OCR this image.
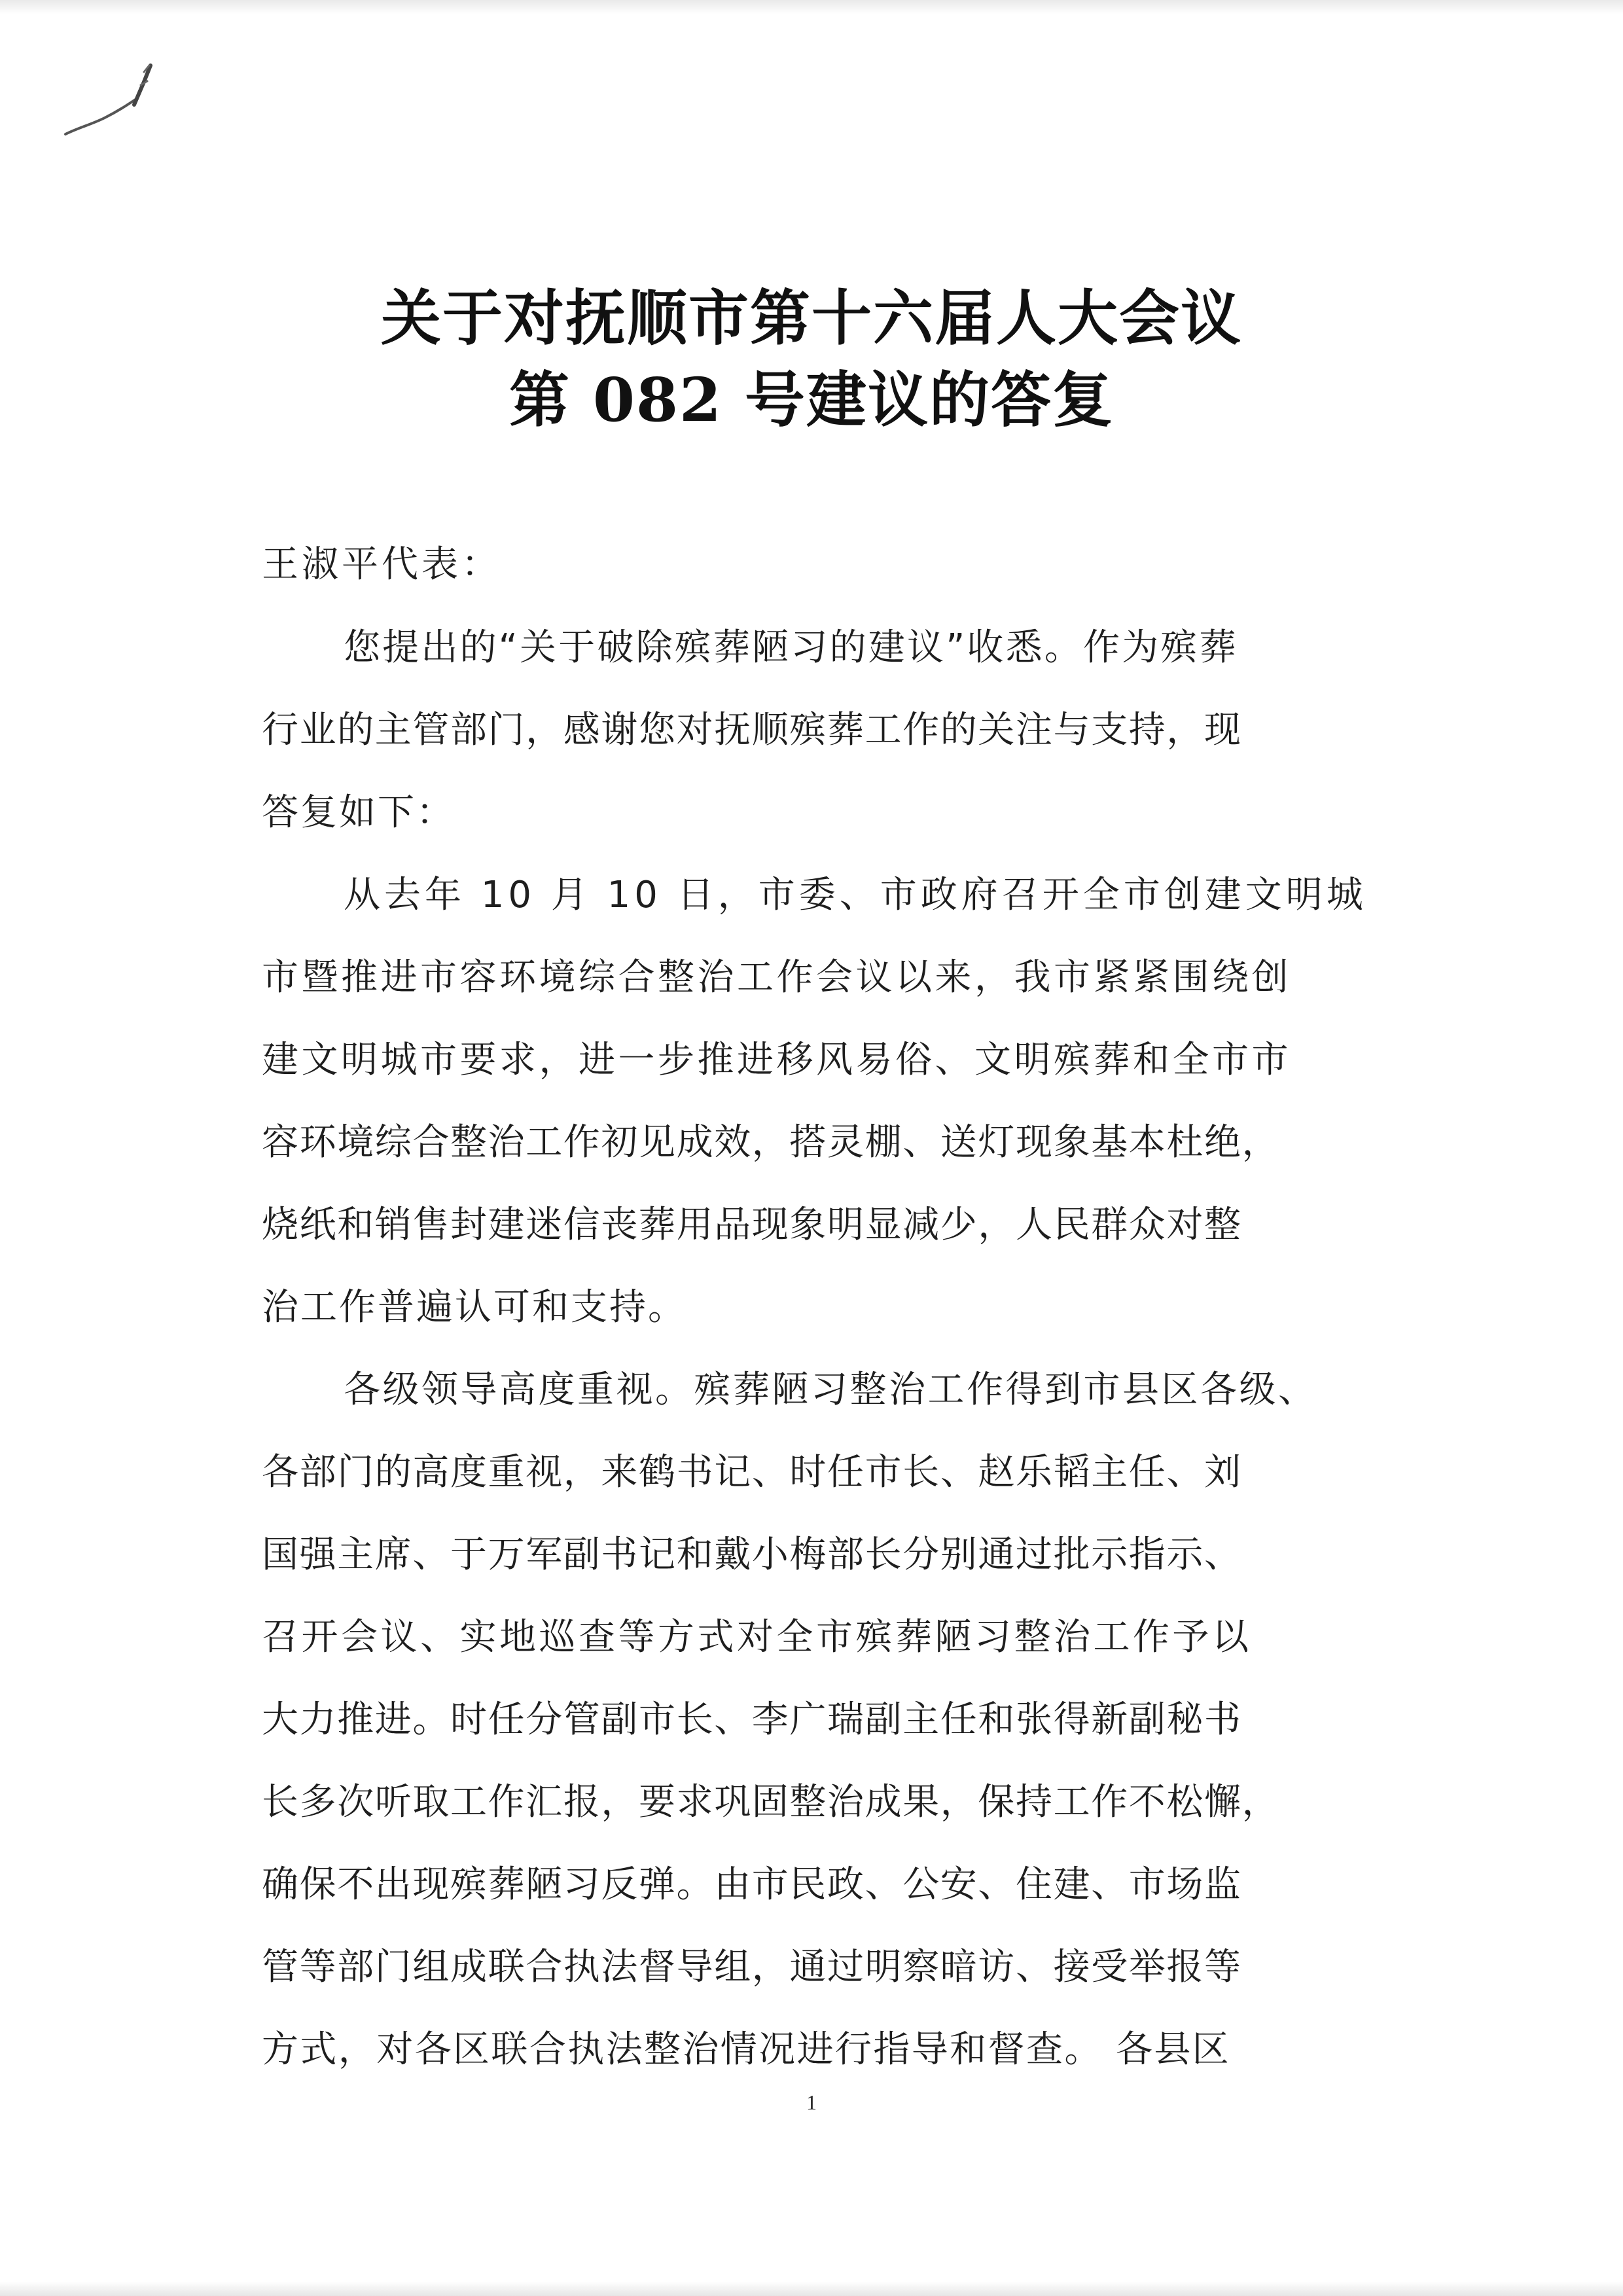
关于对抚顺市第十六届人大会议
第 082 号建议的答复
王淑平代表：
您提出的“关于破除殡葬陋习的建议”收悉。作为殡葬
行业的主管部门，感谢您对抚顺殡葬工作的关注与支持，现
答复如下：
从去年 10 月 10 日，市委、市政府召开全市创建文明城
市暨推进市容环境综合整治工作会议以来，我市紧紧围绕创
建文明城市要求，进一步推进移风易俗、文明殡葬和全市市
容环境综合整治工作初见成效，搭灵棚、送灯现象基本杜绝，
烧纸和销售封建迷信丧葬用品现象明显减少，人民群众对整
治工作普遍认可和支持。
各级领导高度重视。殡葬陋习整治工作得到市县区各级、
各部门的高度重视，来鹤书记、时任市长、赵乐韬主任、刘
国强主席、于万军副书记和戴小梅部长分别通过批示指示、
召开会议、实地巡查等方式对全市殡葬陋习整治工作予以
大力推进。时任分管副市长、李广瑞副主任和张得新副秘书
长多次听取工作汇报，要求巩固整治成果，保持工作不松懈，
确保不出现殡葬陋习反弹。由市民政、公安、住建、市场监
管等部门组成联合执法督导组，通过明察暗访、接受举报等
方式，对各区联合执法整治情况进行指导和督查。 各县区
1
